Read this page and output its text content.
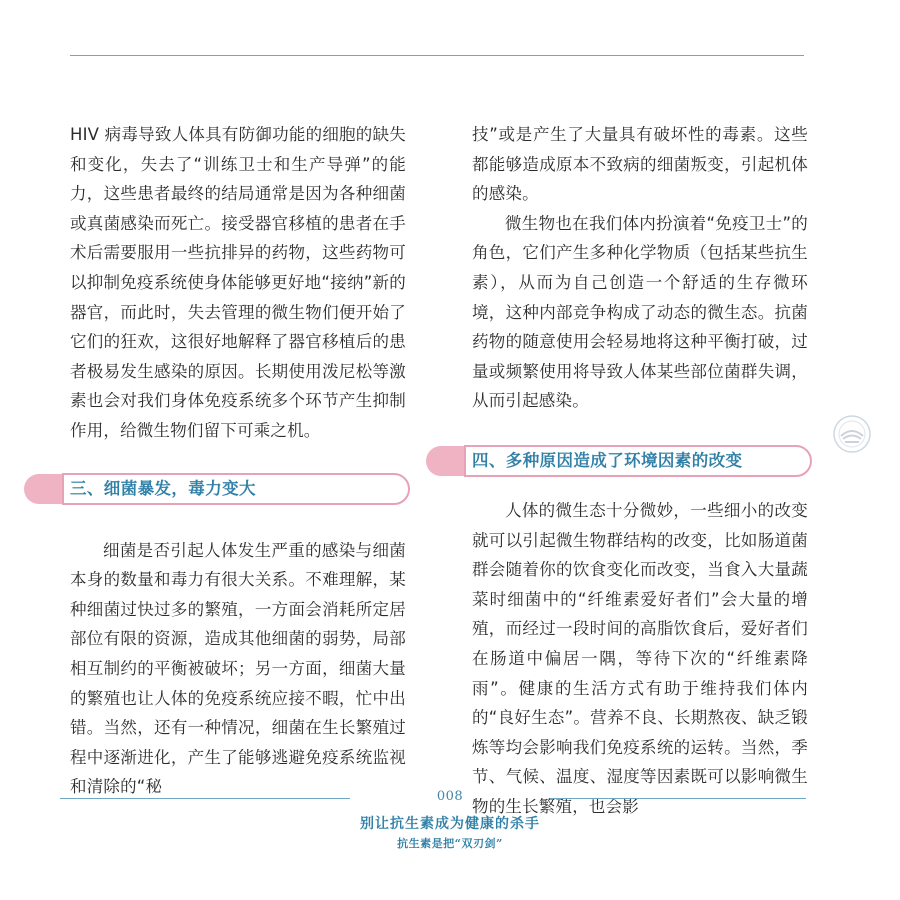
HIV 病毒导致人体具有防御功能的细胞的缺失和变化，失去了“训练卫士和生产导弹”的能力，这些患者最终的结局通常是因为各种细菌或真菌感染而死亡。接受器官移植的患者在手术后需要服用一些抗排异的药物，这些药物可以抑制免疫系统使身体能够更好地“接纳”新的器官，而此时，失去管理的微生物们便开始了它们的狂欢，这很好地解释了器官移植后的患者极易发生感染的原因。长期使用泼尼松等激素也会对我们身体免疫系统多个环节产生抑制作用，给微生物们留下可乘之机。

三、细菌暴发，毒力变大

细菌是否引起人体发生严重的感染与细菌本身的数量和毒力有很大关系。不难理解，某种细菌过快过多的繁殖，一方面会消耗所定居部位有限的资源，造成其他细菌的弱势，局部相互制约的平衡被破坏；另一方面，细菌大量的繁殖也让人体的免疫系统应接不暇，忙中出错。当然，还有一种情况，细菌在生长繁殖过程中逐渐进化，产生了能够逃避免疫系统监视和清除的“秘

技”或是产生了大量具有破坏性的毒素。这些都能够造成原本不致病的细菌叛变，引起机体的感染。

微生物也在我们体内扮演着“免疫卫士”的角色，它们产生多种化学物质（包括某些抗生素），从而为自己创造一个舒适的生存微环境，这种内部竞争构成了动态的微生态。抗菌药物的随意使用会轻易地将这种平衡打破，过量或频繁使用将导致人体某些部位菌群失调，从而引起感染。

四、多种原因造成了环境因素的改变

人体的微生态十分微妙，一些细小的改变就可以引起微生物群结构的改变，比如肠道菌群会随着你的饮食变化而改变，当食入大量蔬菜时细菌中的“纤维素爱好者们”会大量的增殖，而经过一段时间的高脂饮食后，爱好者们在肠道中偏居一隅，等待下次的“纤维素降雨”。健康的生活方式有助于维持我们体内的“良好生态”。营养不良、长期熬夜、缺乏锻炼等均会影响我们免疫系统的运转。当然，季节、气候、温度、湿度等因素既可以影响微生物的生长繁殖，也会影

008
别让抗生素成为健康的杀手
抗生素是把“双刃剑”
